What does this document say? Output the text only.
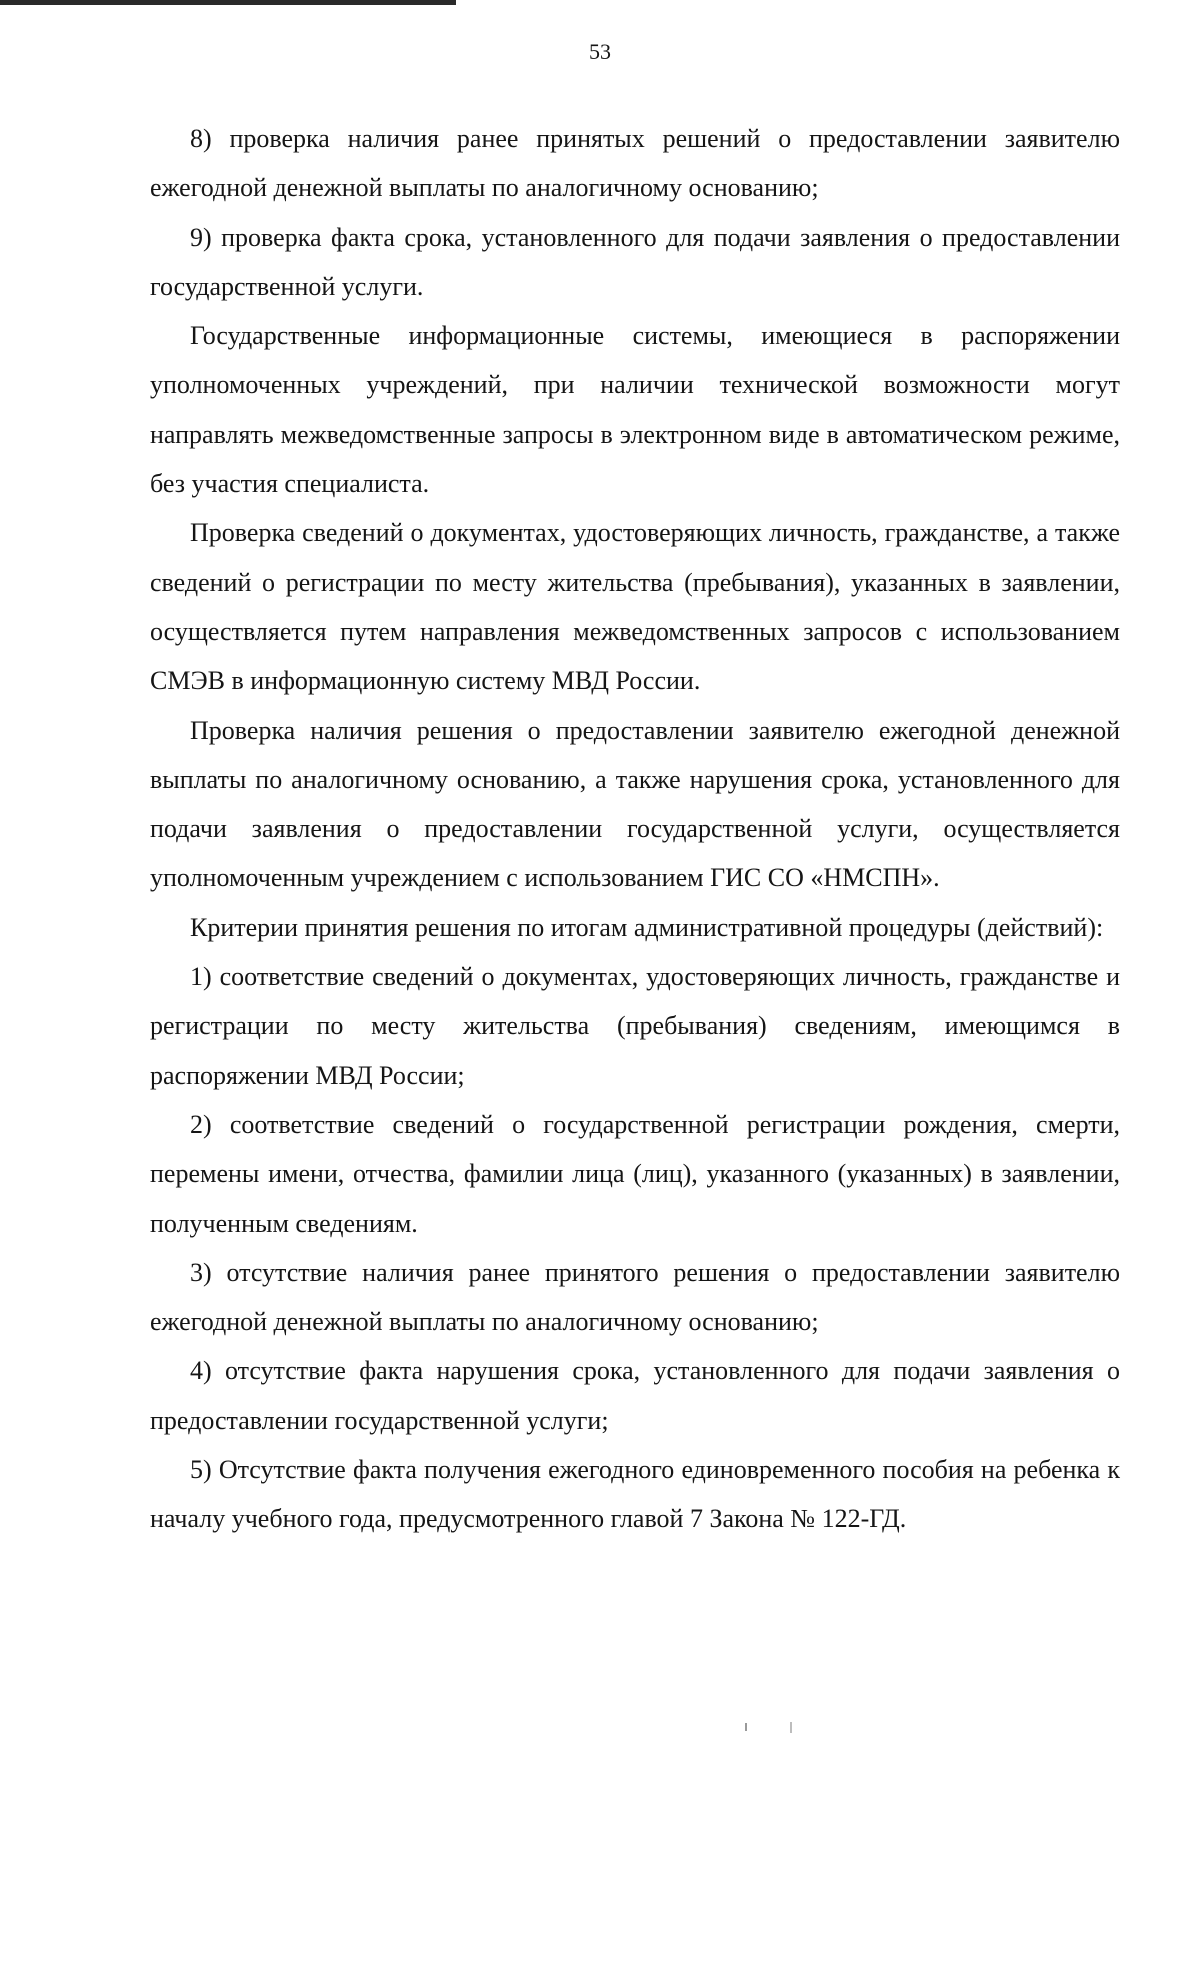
53

8) проверка наличия ранее принятых решений о предоставлении заявителю ежегодной денежной выплаты по аналогичному основанию;

9) проверка факта срока, установленного для подачи заявления о предоставлении государственной услуги.

Государственные информационные системы, имеющиеся в распоряжении уполномоченных учреждений, при наличии технической возможности могут направлять межведомственные запросы в электронном виде в автоматическом режиме, без участия специалиста.

Проверка сведений о документах, удостоверяющих личность, гражданстве, а также сведений о регистрации по месту жительства (пребывания), указанных в заявлении, осуществляется путем направления межведомственных запросов с использованием СМЭВ в информационную систему МВД России.

Проверка наличия решения о предоставлении заявителю ежегодной денежной выплаты по аналогичному основанию, а также нарушения срока, установленного для подачи заявления о предоставлении государственной услуги, осуществляется уполномоченным учреждением с использованием ГИС СО «НМСПН».

Критерии принятия решения по итогам административной процедуры (действий):

1) соответствие сведений о документах, удостоверяющих личность, гражданстве и регистрации по месту жительства (пребывания) сведениям, имеющимся в распоряжении МВД России;

2) соответствие сведений о государственной регистрации рождения, смерти, перемены имени, отчества, фамилии лица (лиц), указанного (указанных) в заявлении, полученным сведениям.

3) отсутствие наличия ранее принятого решения о предоставлении заявителю ежегодной денежной выплаты по аналогичному основанию;

4) отсутствие факта нарушения срока, установленного для подачи заявления о предоставлении государственной услуги;

5) Отсутствие факта получения ежегодного единовременного пособия на ребенка к началу учебного года, предусмотренного главой 7 Закона № 122-ГД.
